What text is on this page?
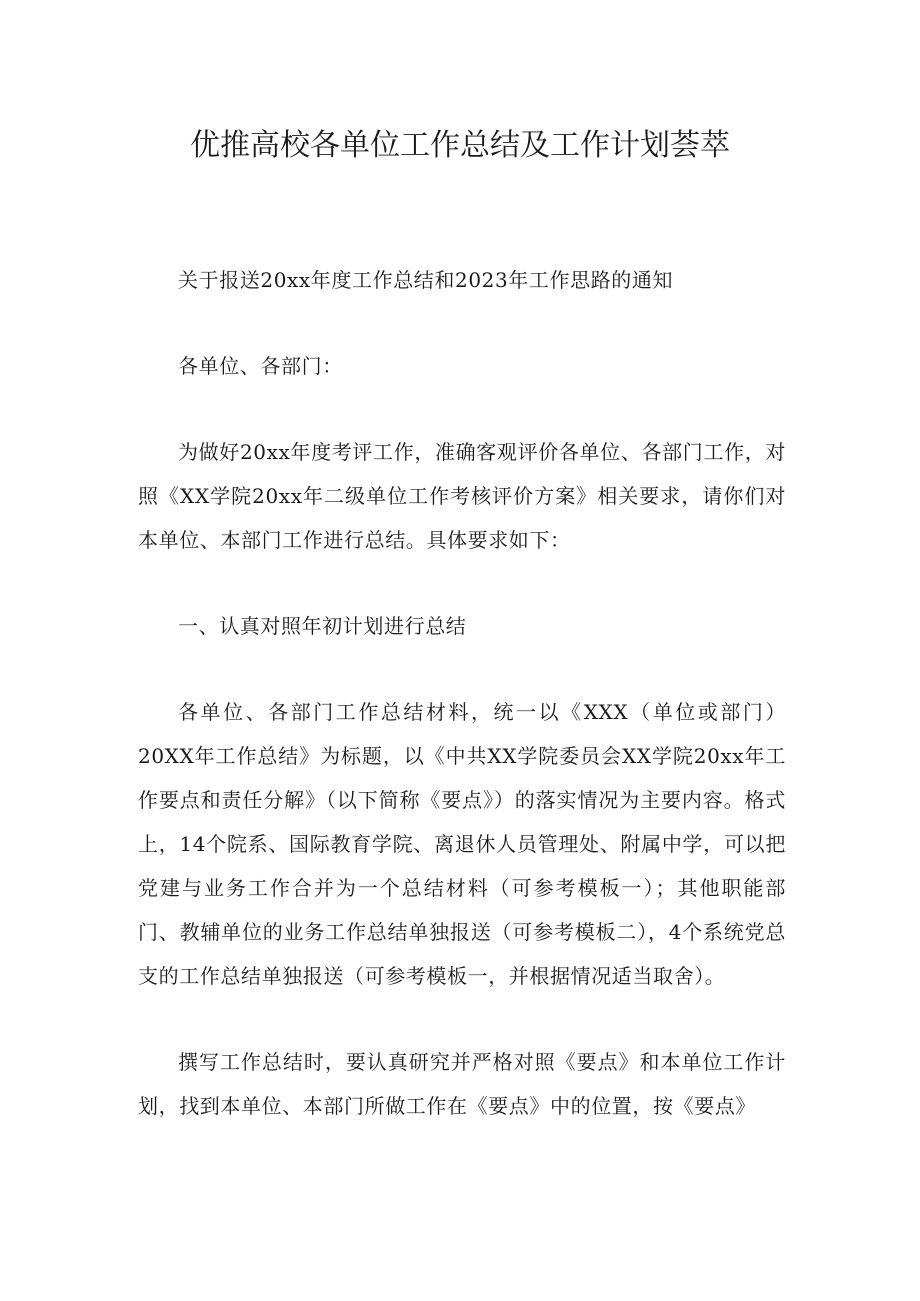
优推高校各单位工作总结及工作计划荟萃

关于报送20xx年度工作总结和2023年工作思路的通知

各单位、各部门：

为做好20xx年度考评工作，准确客观评价各单位、各部门工作，对照《XX学院20xx年二级单位工作考核评价方案》相关要求，请你们对本单位、本部门工作进行总结。具体要求如下：

一、认真对照年初计划进行总结

各单位、各部门工作总结材料，统一以《XXX（单位或部门）20XX年工作总结》为标题，以《中共XX学院委员会XX学院20xx年工作要点和责任分解》（以下简称《要点》）的落实情况为主要内容。格式上，14个院系、国际教育学院、离退休人员管理处、附属中学，可以把党建与业务工作合并为一个总结材料（可参考模板一）；其他职能部门、教辅单位的业务工作总结单独报送（可参考模板二），4个系统党总支的工作总结单独报送（可参考模板一，并根据情况适当取舍）。

撰写工作总结时，要认真研究并严格对照《要点》和本单位工作计划，找到本单位、本部门所做工作在《要点》中的位置，按《要点》
